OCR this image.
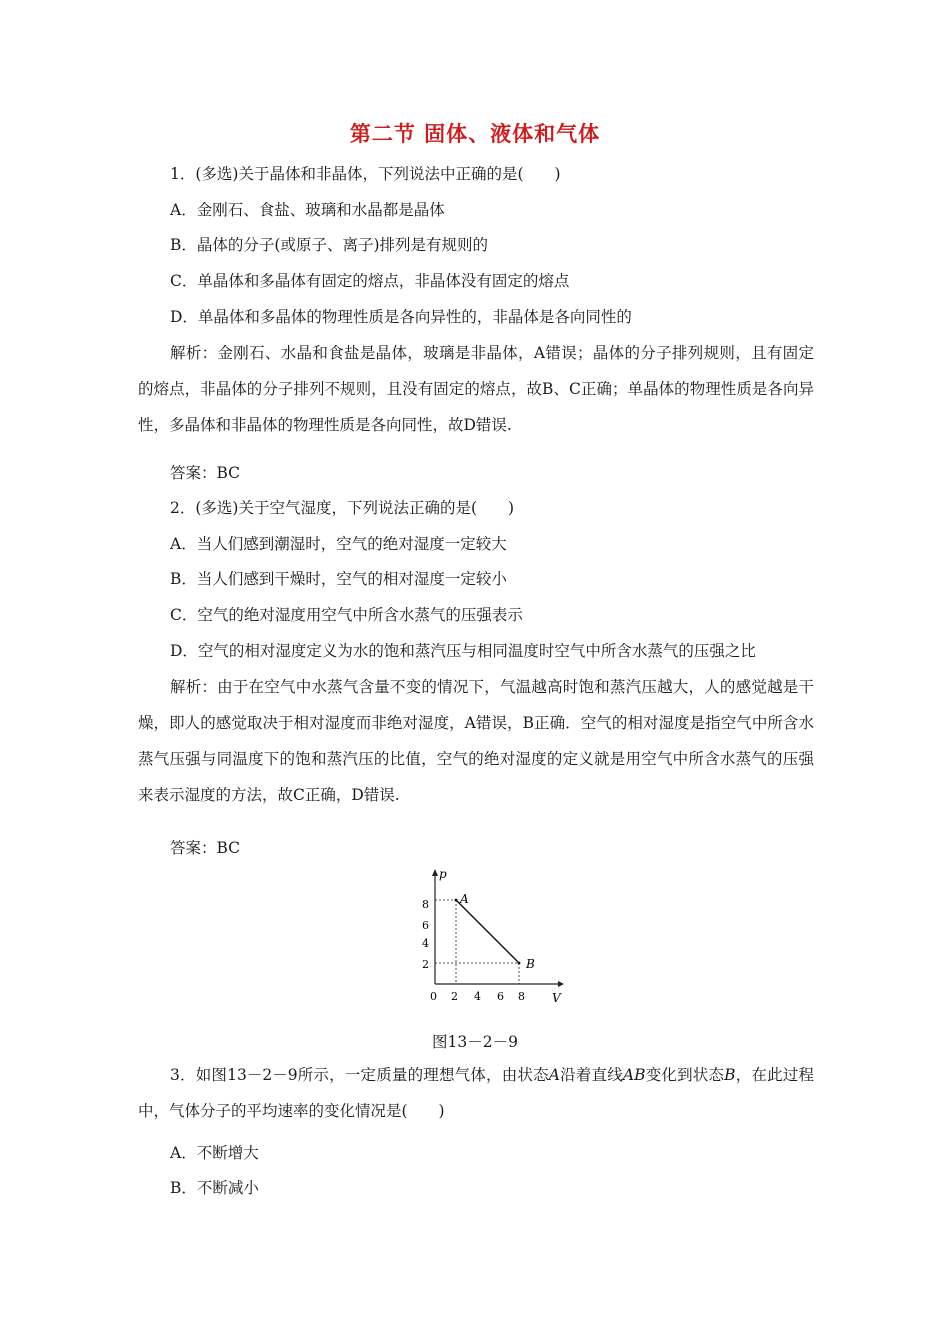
第二节 固体、液体和气体
1．(多选)关于晶体和非晶体，下列说法中正确的是(　　)
A．金刚石、食盐、玻璃和水晶都是晶体
B．晶体的分子(或原子、离子)排列是有规则的
C．单晶体和多晶体有固定的熔点，非晶体没有固定的熔点
D．单晶体和多晶体的物理性质是各向异性的，非晶体是各向同性的
解析：金刚石、水晶和食盐是晶体，玻璃是非晶体，A错误；晶体的分子排列规则，且有固定的熔点，非晶体的分子排列不规则，且没有固定的熔点，故B、C正确；单晶体的物理性质是各向异性，多晶体和非晶体的物理性质是各向同性，故D错误.
答案：BC
2．(多选)关于空气湿度，下列说法正确的是(　　)
A．当人们感到潮湿时，空气的绝对湿度一定较大
B．当人们感到干燥时，空气的相对湿度一定较小
C．空气的绝对湿度用空气中所含水蒸气的压强表示
D．空气的相对湿度定义为水的饱和蒸汽压与相同温度时空气中所含水蒸气的压强之比
解析：由于在空气中水蒸气含量不变的情况下，气温越高时饱和蒸汽压越大，人的感觉越是干燥，即人的感觉取决于相对湿度而非绝对湿度，A错误，B正确．空气的相对湿度是指空气中所含水蒸气压强与同温度下的饱和蒸汽压的比值，空气的绝对湿度的定义就是用空气中所含水蒸气的压强来表示湿度的方法，故C正确，D错误.
答案：BC
p
V
8
6
4
2
0 2 4 6 8
A
B
图13－2－9
3．如图13－2－9所示，一定质量的理想气体，由状态A沿着直线AB变化到状态B，在此过程中，气体分子的平均速率的变化情况是(　　)
A．不断增大
B．不断减小
